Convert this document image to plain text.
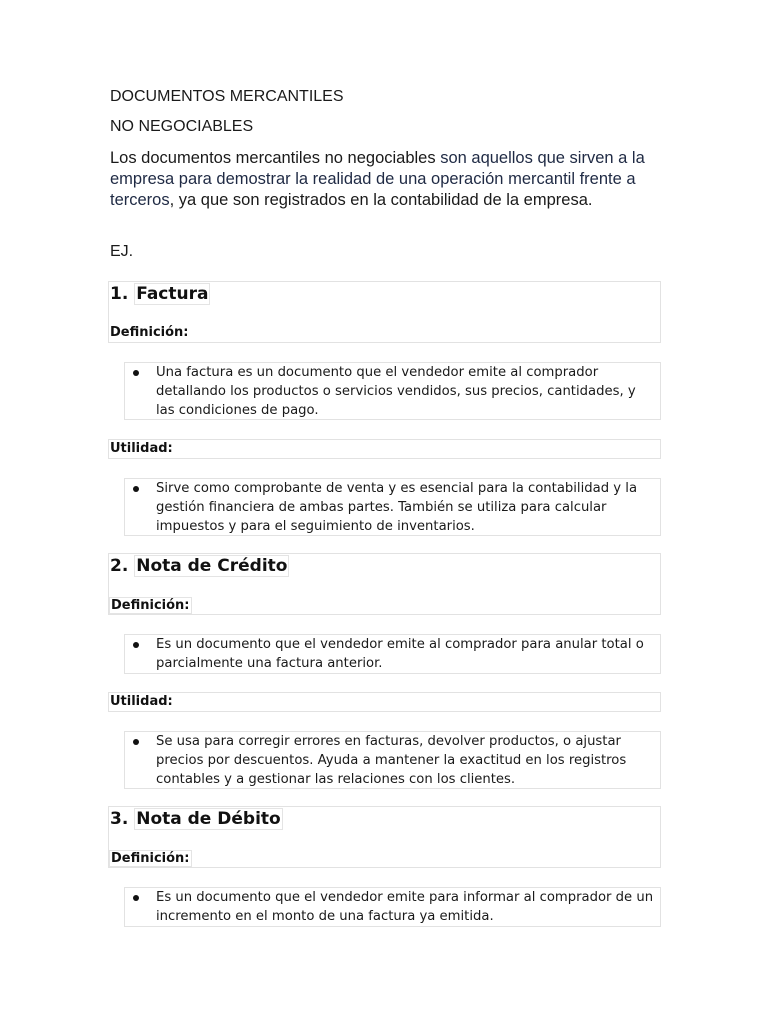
DOCUMENTOS MERCANTILES
NO NEGOCIABLES
Los documentos mercantiles no negociables son aquellos que sirven a la empresa para demostrar la realidad de una operación mercantil frente a terceros, ya que son registrados en la contabilidad de la empresa.
EJ.
1. Factura
Definición:
Una factura es un documento que el vendedor emite al comprador detallando los productos o servicios vendidos, sus precios, cantidades, y las condiciones de pago.
Utilidad:
Sirve como comprobante de venta y es esencial para la contabilidad y la gestión financiera de ambas partes. También se utiliza para calcular impuestos y para el seguimiento de inventarios.
2. Nota de Crédito
Definición:
Es un documento que el vendedor emite al comprador para anular total o parcialmente una factura anterior.
Utilidad:
Se usa para corregir errores en facturas, devolver productos, o ajustar precios por descuentos. Ayuda a mantener la exactitud en los registros contables y a gestionar las relaciones con los clientes.
3. Nota de Débito
Definición:
Es un documento que el vendedor emite para informar al comprador de un incremento en el monto de una factura ya emitida.
